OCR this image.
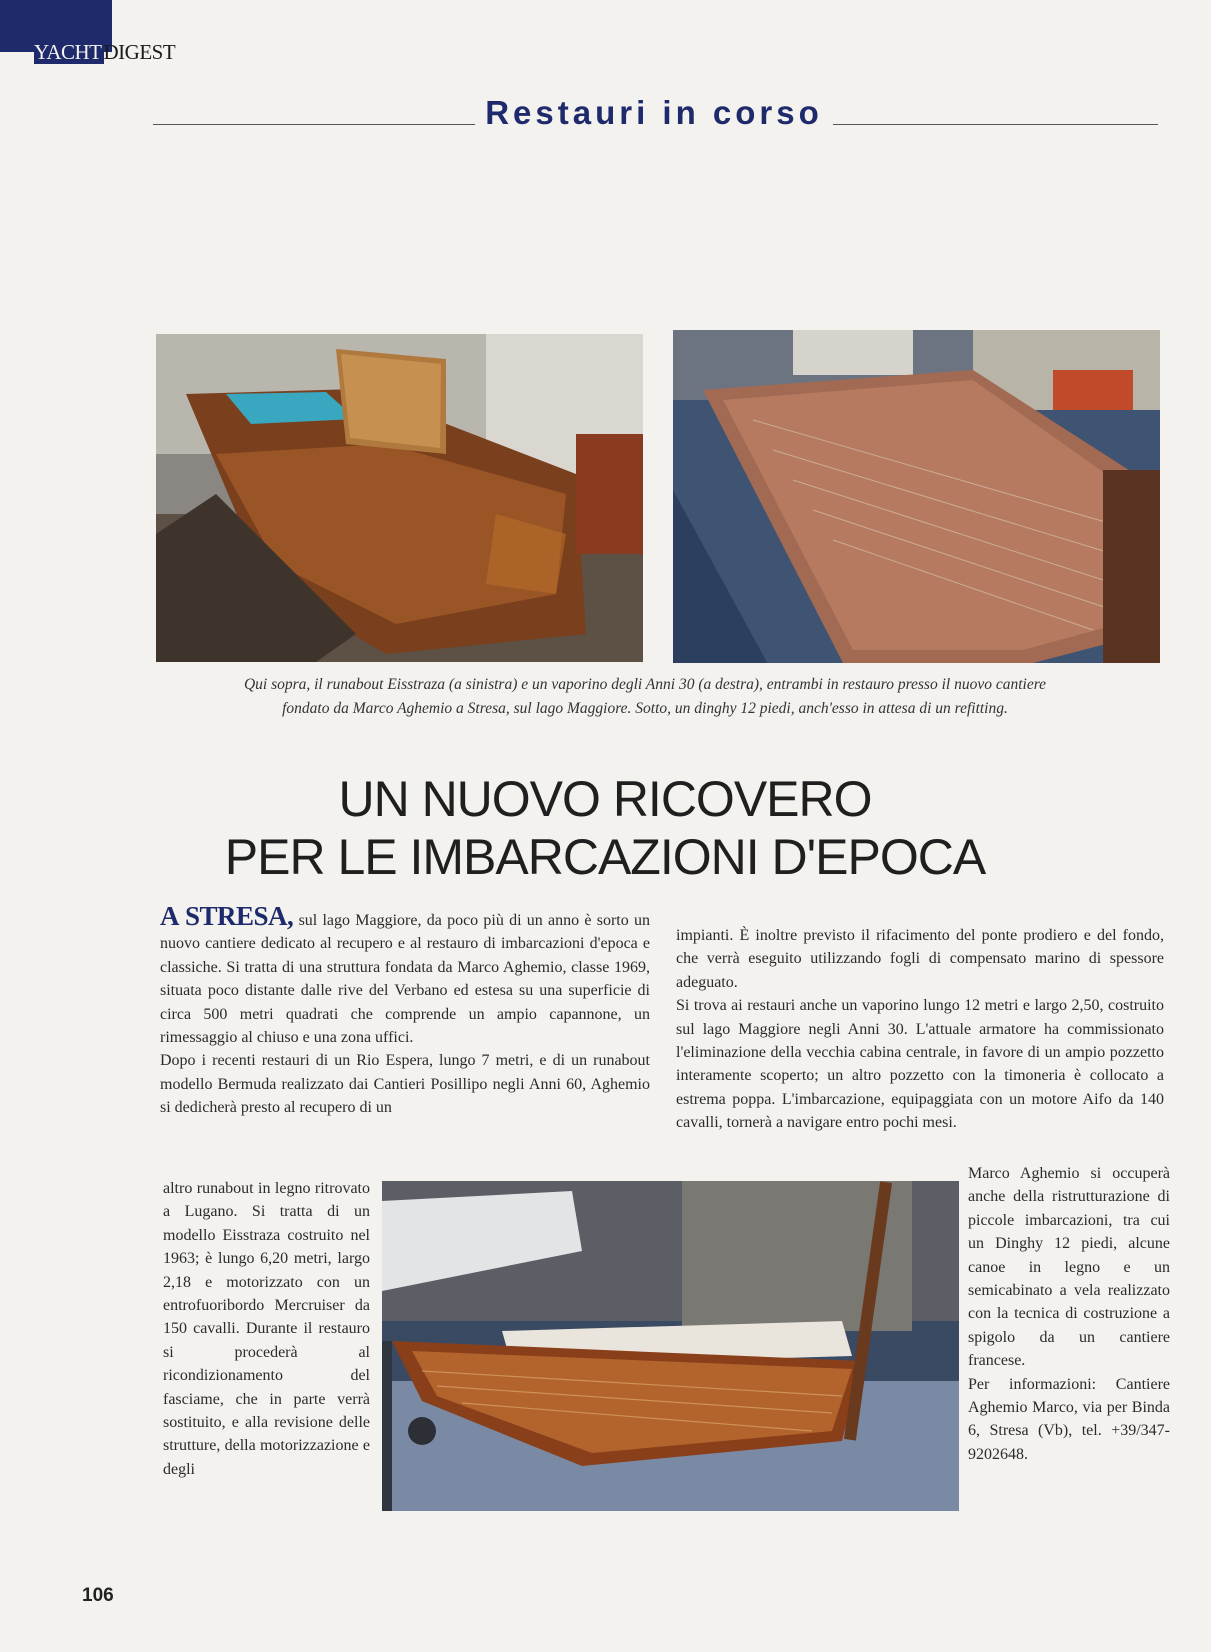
YACHTDIGEST
Restauri in corso
Qui sopra, il runabout Eisstraza (a sinistra) e un vaporino degli Anni 30 (a destra), entrambi in restauro presso il nuovo cantiere
fondato da Marco Aghemio a Stresa, sul lago Maggiore. Sotto, un dinghy 12 piedi, anch'esso in attesa di un refitting.
UN NUOVO RICOVERO
PER LE IMBARCAZIONI D'EPOCA

A STRESA, sul lago Maggiore, da poco più di un anno è sorto un nuovo cantiere dedicato al recupero e al restauro di imbarcazioni d'epoca e classiche. Si tratta di una struttura fondata da Marco Aghemio, classe 1969, situata poco distante dalle rive del Verbano ed estesa su una superficie di circa 500 metri quadrati che comprende un ampio capannone, un rimessaggio al chiuso e una zona uffici.

Dopo i recenti restauri di un Rio Espera, lungo 7 metri, e di un runabout modello Bermuda realizzato dai Cantieri Posillipo negli Anni 60, Aghemio si dedicherà presto al recupero di un

altro runabout in legno ritrovato a Lugano. Si tratta di un modello Eisstraza costruito nel 1963; è lungo 6,20 metri, largo 2,18 e motorizzato con un entrofuoribordo Mercruiser da 150 cavalli. Durante il restauro si procederà al ricondizionamento del fasciame, che in parte verrà sostituito, e alla revisione delle strutture, della motorizzazione e degli

impianti. È inoltre previsto il rifacimento del ponte prodiero e del fondo, che verrà eseguito utilizzando fogli di compensato marino di spessore adeguato.

Si trova ai restauri anche un vaporino lungo 12 metri e largo 2,50, costruito sul lago Maggiore negli Anni 30. L'attuale armatore ha commissionato l'eliminazione della vecchia cabina centrale, in favore di un ampio pozzetto interamente scoperto; un altro pozzetto con la timoneria è collocato a estrema poppa. L'imbarcazione, equipaggiata con un motore Aifo da 140 cavalli, tornerà a navigare entro pochi mesi.

Marco Aghemio si occuperà anche della ristrutturazione di piccole imbarcazioni, tra cui un Dinghy 12 piedi, alcune canoe in legno e un semicabinato a vela realizzato con la tecnica di costruzione a spigolo da un cantiere francese.

Per informazioni: Cantiere Aghemio Marco, via per Binda 6, Stresa (Vb), tel. +39/347-9202648.

106
